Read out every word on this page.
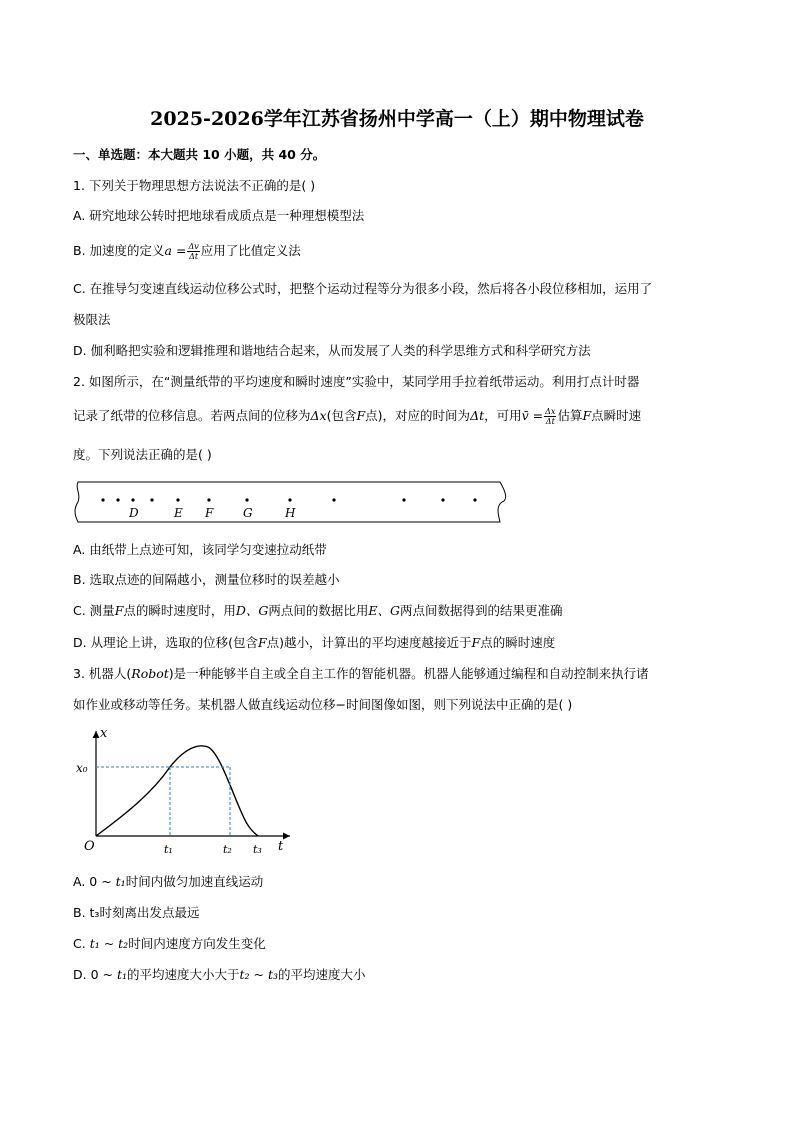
2025-2026学年江苏省扬州中学高一（上）期中物理试卷
一、单选题：本大题共 10 小题，共 40 分。
1. 下列关于物理思想方法说法不正确的是( )
A. 研究地球公转时把地球看成质点是一种理想模型法
B. 加速度的定义$a = \frac{\Delta v}{\Delta t}$ 应用了比值定义法
C. 在推导匀变速直线运动位移公式时，把整个运动过程等分为很多小段，然后将各小段位移相加，运用了
极限法
D. 伽利略把实验和逻辑推理和谐地结合起来，从而发展了人类的科学思维方式和科学研究方法
2. 如图所示，在“测量纸带的平均速度和瞬时速度”实验中，某同学用手拉着纸带运动。利用打点计时器
记录了纸带的位移信息。若两点间的位移为Δx(包含F点)，对应的时间为Δt，可用v̄ = $\frac{\Delta x}{\Delta t}$ 估算F点瞬时速
度。下列说法正确的是( )
D	E F G	H
A. 由纸带上点迹可知，该同学匀变速拉动纸带
B. 选取点迹的间隔越小，测量位移时的误差越小
C. 测量F点的瞬时速度时，用D、G两点间的数据比用E、G两点间数据得到的结果更准确
D. 从理论上讲，选取的位移(包含F点)越小，计算出的平均速度越接近于F点的瞬时速度
3. 机器人(Robot)是一种能够半自主或全自主工作的智能机器。机器人能够通过编程和自动控制来执行诸
如作业或移动等任务。某机器人做直线运动位移−时间图像如图，则下列说法中正确的是( )
x
t
O
x₀
t₁	t₂ t₃
A. 0 ~ t₁时间内做匀加速直线运动
B. t₃时刻离出发点最远
C. t₁ ~ t₂时间内速度方向发生变化
D. 0 ~ t₁的平均速度大小大于t₂ ~ t₃的平均速度大小
